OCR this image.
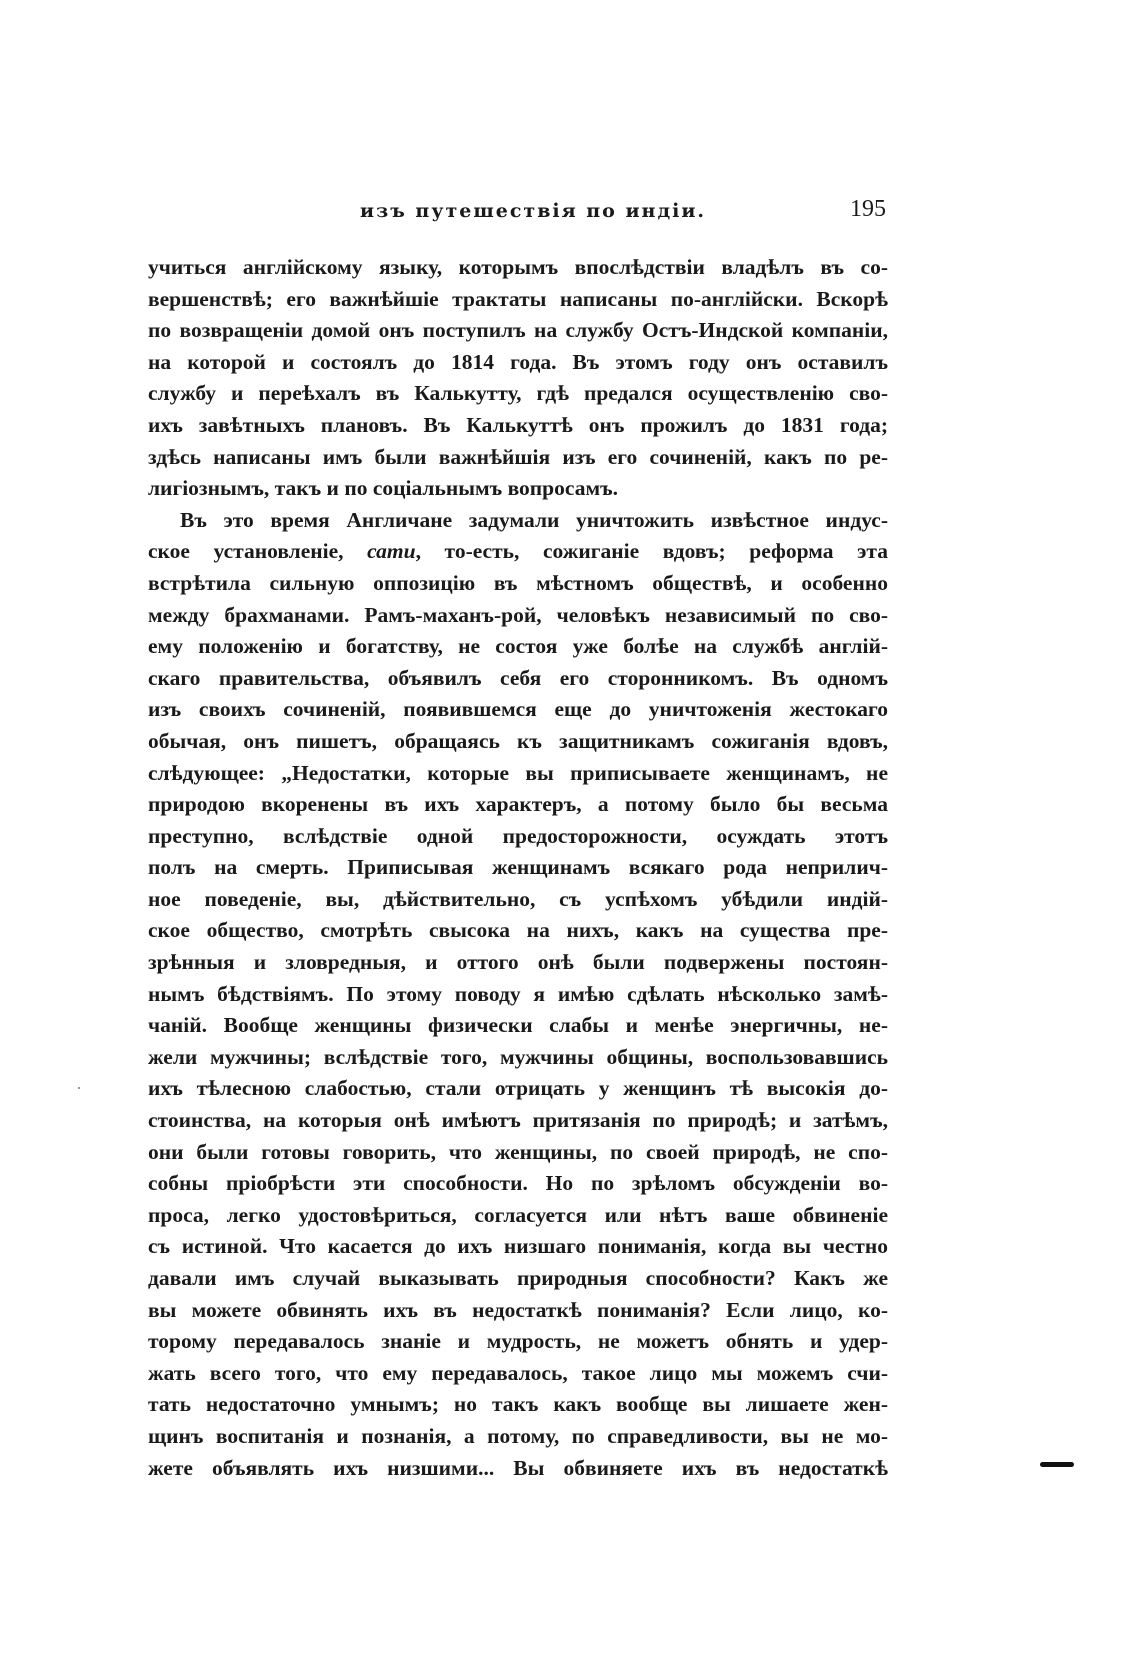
изъ путешествія по индіи.	195

учиться англійскому языку, которымъ впослѣдствіи владѣлъ въ со-
вершенствѣ; его важнѣйшіе трактаты написаны по-англійски. Вскорѣ
по возвращеніи домой онъ поступилъ на службу Остъ-Индской компаніи,
на которой и состоялъ до 1814 года. Въ этомъ году онъ оставилъ
службу и переѣхалъ въ Калькутту, гдѣ предался осуществленію сво-
ихъ завѣтныхъ плановъ. Въ Калькуттѣ онъ прожилъ до 1831 года;
здѣсь написаны имъ были важнѣйшія изъ его сочиненій, какъ по ре-
лигіознымъ, такъ и по соціальнымъ вопросамъ.

Въ это время Англичане задумали уничтожить извѣстное индус-
ское установленіе, сати, то-есть, сожиганіе вдовъ; реформа эта
встрѣтила сильную оппозицію въ мѣстномъ обществѣ, и особенно
между брахманами. Рамъ-маханъ-рой, человѣкъ независимый по сво-
ему положенію и богатству, не состоя уже болѣе на службѣ англій-
скаго правительства, объявилъ себя его сторонникомъ. Въ одномъ
изъ своихъ сочиненій, появившемся еще до уничтоженія жестокаго
обычая, онъ пишетъ, обращаясь къ защитникамъ сожиганія вдовъ,
слѣдующее: „Недостатки, которые вы приписываете женщинамъ, не
природою вкоренены въ ихъ характеръ, а потому было бы весьма
преступно, вслѣдствіе одной предосторожности, осуждать этотъ
полъ на смерть. Приписывая женщинамъ всякаго рода неприлич-
ное поведеніе, вы, дѣйствительно, съ успѣхомъ убѣдили индій-
ское общество, смотрѣть свысока на нихъ, какъ на существа пре-
зрѣнныя и зловредныя, и оттого онѣ были подвержены постоян-
нымъ бѣдствіямъ. По этому поводу я имѣю сдѣлать нѣсколько замѣ-
чаній. Вообще женщины физически слабы и менѣе энергичны, не-
жели мужчины; вслѣдствіе того, мужчины общины, воспользовавшись
ихъ тѣлесною слабостью, стали отрицать у женщинъ тѣ высокія до-
стоинства, на которыя онѣ имѣютъ притязанія по природѣ; и затѣмъ,
они были готовы говорить, что женщины, по своей природѣ, не спо-
собны пріобрѣсти эти способности. Но по зрѣломъ обсужденіи во-
проса, легко удостовѣриться, согласуется или нѣтъ ваше обвиненіе
съ истиной. Что касается до ихъ низшаго пониманія, когда вы честно
давали имъ случай выказывать природныя способности? Какъ же
вы можете обвинять ихъ въ недостаткѣ пониманія? Если лицо, ко-
торому передавалось знаніе и мудрость, не можетъ обнять и удер-
жать всего того, что ему передавалось, такое лицо мы можемъ счи-
тать недостаточно умнымъ; но такъ какъ вообще вы лишаете жен-
щинъ воспитанія и познанія, а потому, по справедливости, вы не мо-
жете объявлять ихъ низшими... Вы обвиняете ихъ въ недостаткѣ
